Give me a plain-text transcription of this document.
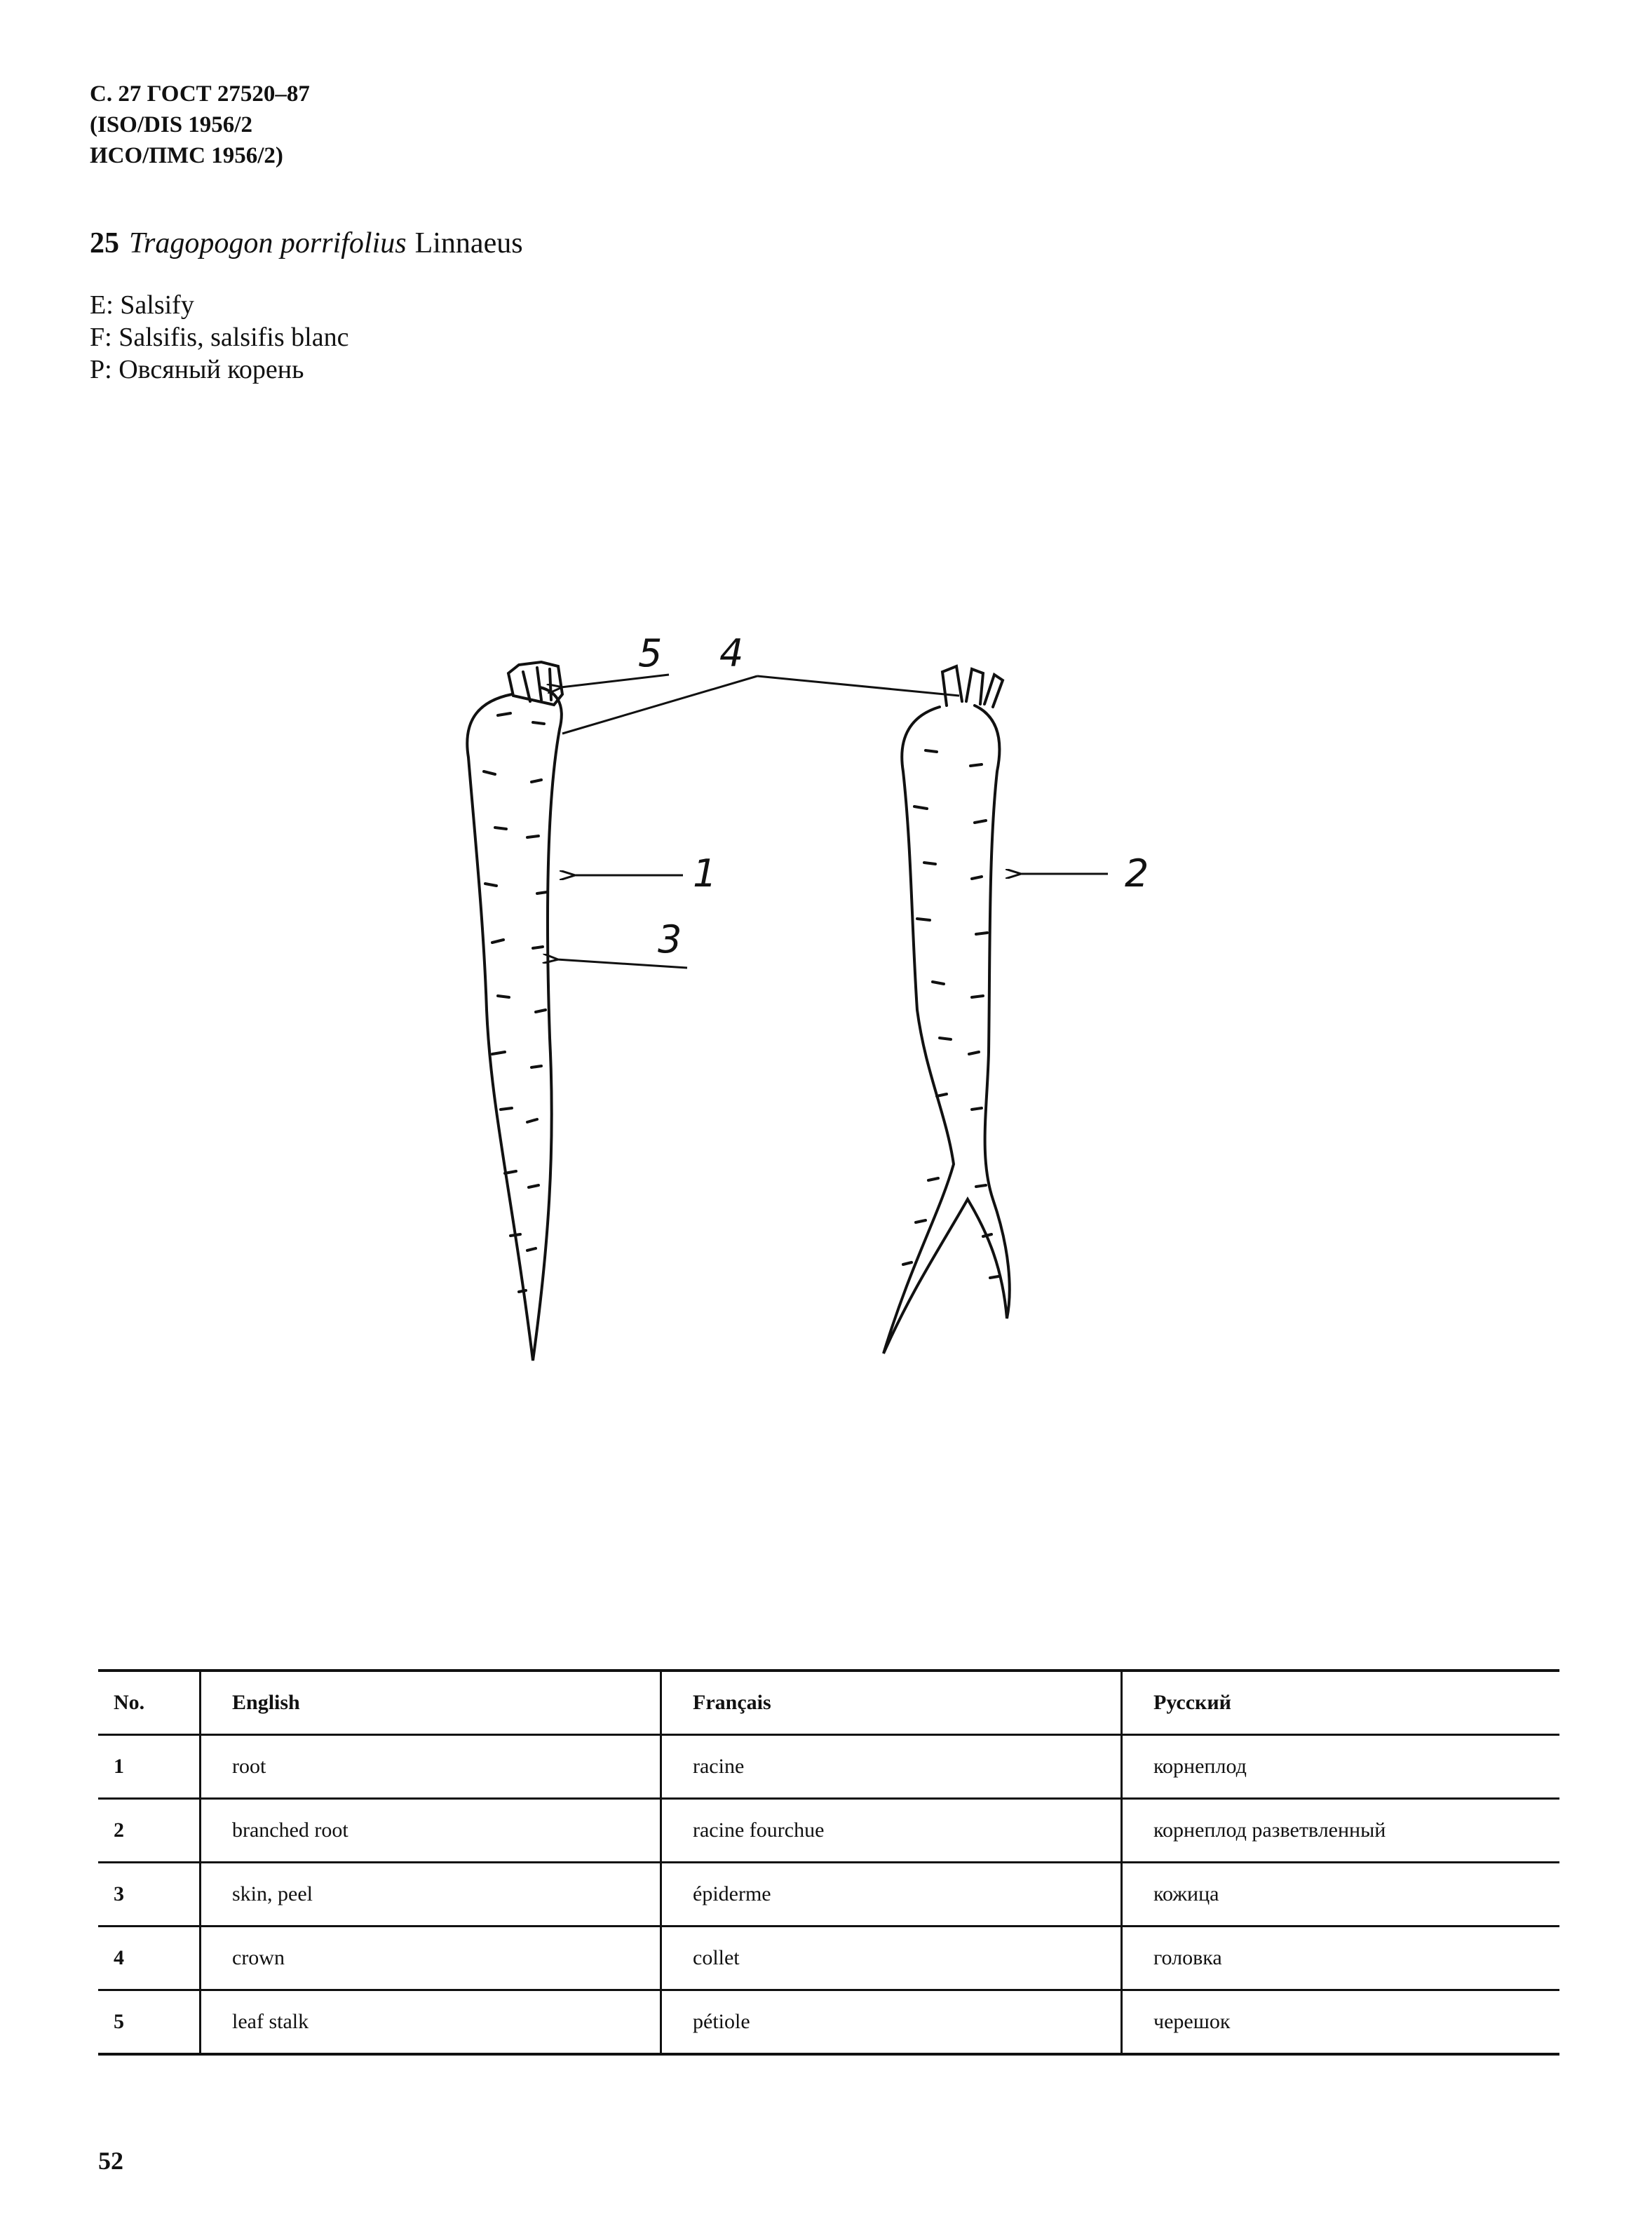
С. 27 ГОСТ 27520–87
(ISO/DIS 1956/2
ИСО/ПМС 1956/2)
25 Tragopogon porrifolius Linnaeus
E: Salsify
F: Salsifis, salsifis blanc
P: Овсяный корень
5 4
1
3
2
No.	English	Français	Русский
1	root	racine	корнеплод
2	branched root	racine fourchue	корнеплод разветвленный
3	skin, peel	épiderme	кожица
4	crown	collet	головка
5	leaf stalk	pétiole	черешок
52
